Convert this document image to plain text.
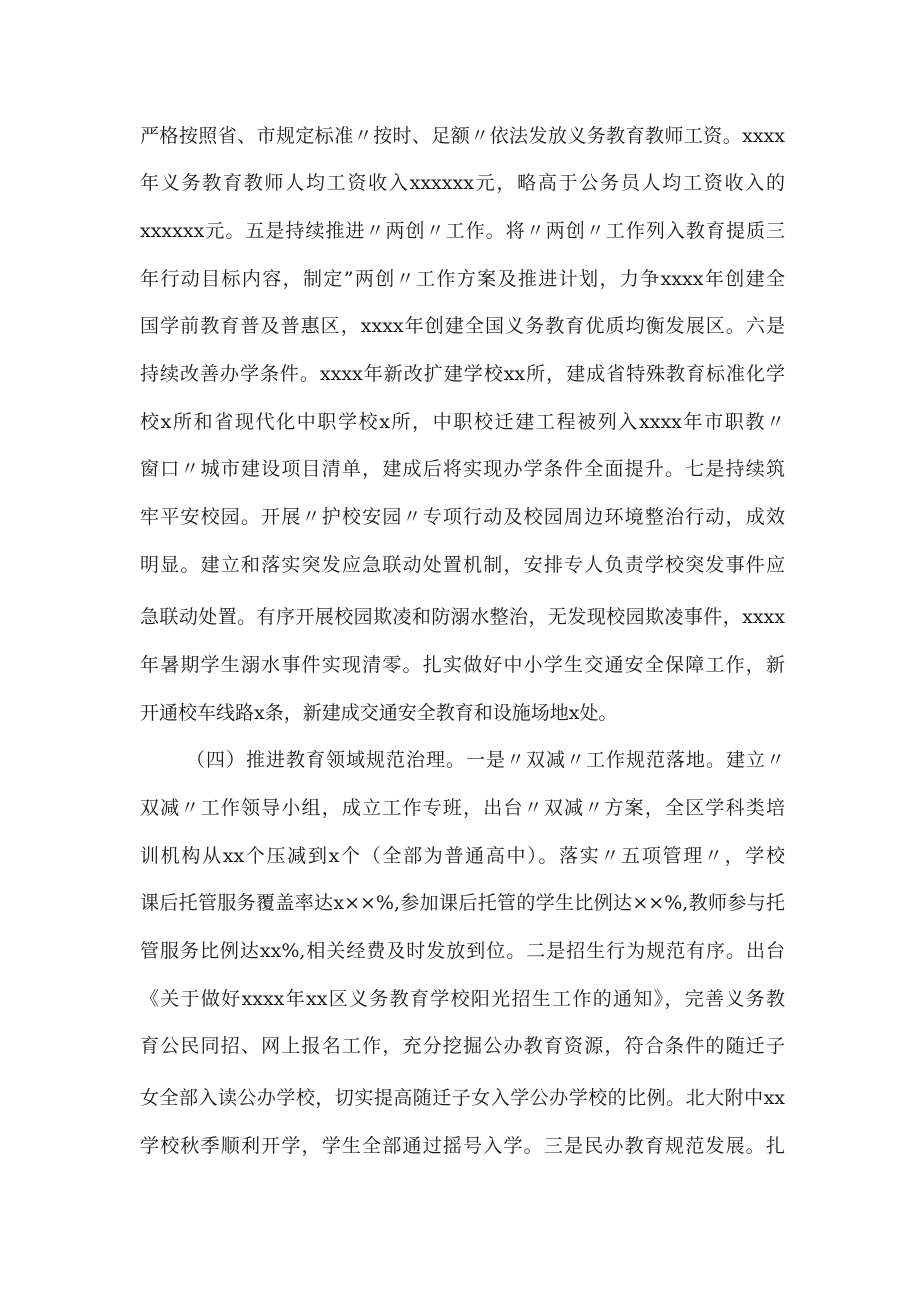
严格按照省、市规定标准〃按时、足额〃依法发放义务教育教师工资。xxxx
年义务教育教师人均工资收入xxxxxx元，略高于公务员人均工资收入的
xxxxxx元。五是持续推进〃两创〃工作。将〃两创〃工作列入教育提质三
年行动目标内容，制定”两创〃工作方案及推进计划，力争xxxx年创建全
国学前教育普及普惠区，xxxx年创建全国义务教育优质均衡发展区。六是
持续改善办学条件。xxxx年新改扩建学校xx所，建成省特殊教育标准化学
校x所和省现代化中职学校x所，中职校迁建工程被列入xxxx年市职教〃
窗口〃城市建设项目清单，建成后将实现办学条件全面提升。七是持续筑
牢平安校园。开展〃护校安园〃专项行动及校园周边环境整治行动，成效
明显。建立和落实突发应急联动处置机制，安排专人负责学校突发事件应
急联动处置。有序开展校园欺凌和防溺水整治，无发现校园欺凌事件，xxxx
年暑期学生溺水事件实现清零。扎实做好中小学生交通安全保障工作，新
开通校车线路x条，新建成交通安全教育和设施场地x处。
（四）推进教育领域规范治理。一是〃双减〃工作规范落地。建立〃
双减〃工作领导小组，成立工作专班，出台〃双减〃方案，全区学科类培
训机构从xx个压减到x个（全部为普通高中）。落实〃五项管理〃，学校
课后托管服务覆盖率达x××%,参加课后托管的学生比例达××%,教师参与托
管服务比例达xx%,相关经费及时发放到位。二是招生行为规范有序。出台
《关于做好xxxx年xx区义务教育学校阳光招生工作的通知》，完善义务教
育公民同招、网上报名工作，充分挖掘公办教育资源，符合条件的随迁子
女全部入读公办学校，切实提高随迁子女入学公办学校的比例。北大附中xx
学校秋季顺利开学，学生全部通过摇号入学。三是民办教育规范发展。扎
